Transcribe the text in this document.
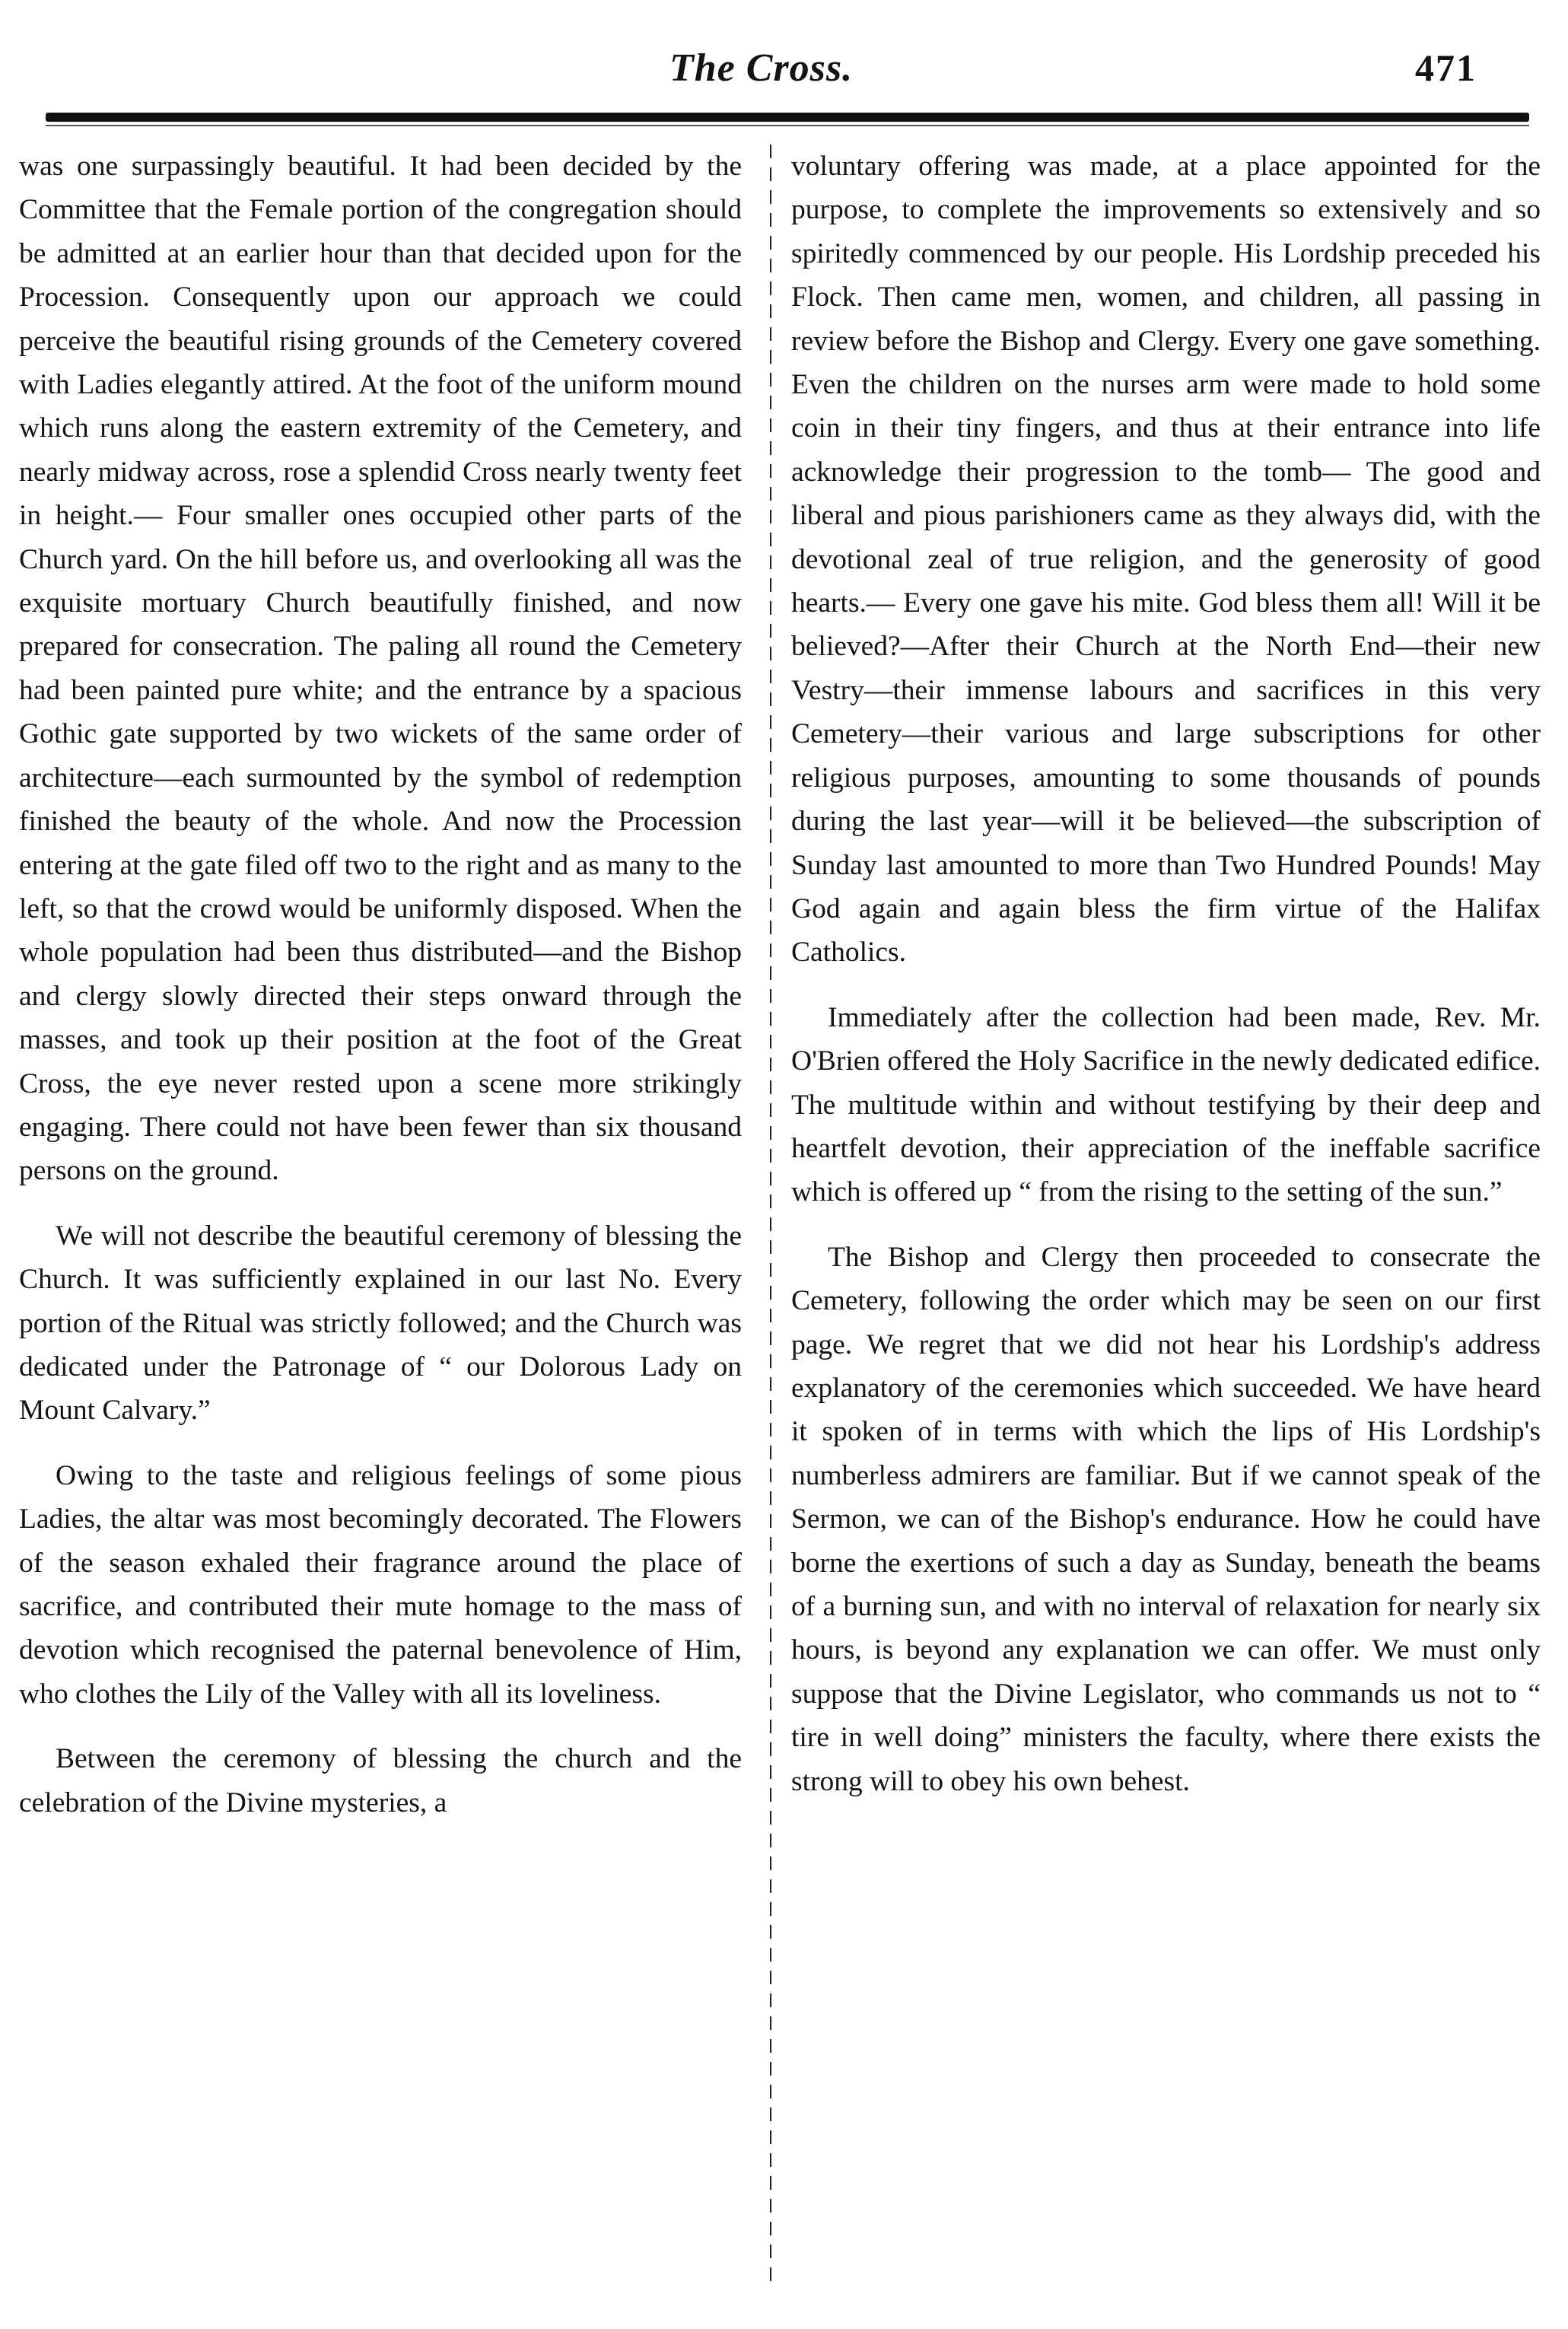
The Cross.	471

was one surpassingly beautiful. It had been decided by the Committee that the Female portion of the congregation should be admitted at an earlier hour than that decided upon for the Procession. Consequently upon our approach we could perceive the beautiful rising grounds of the Cemetery covered with Ladies elegantly attired. At the foot of the uniform mound which runs along the eastern extremity of the Cemetery, and nearly midway across, rose a splendid Cross nearly twenty feet in height.— Four smaller ones occupied other parts of the Church yard. On the hill before us, and overlooking all was the exquisite mortuary Church beautifully finished, and now prepared for consecration. The paling all round the Cemetery had been painted pure white; and the entrance by a spacious Gothic gate supported by two wickets of the same order of architecture—each surmounted by the symbol of redemption finished the beauty of the whole. And now the Procession entering at the gate filed off two to the right and as many to the left, so that the crowd would be uniformly disposed. When the whole population had been thus distributed—and the Bishop and clergy slowly directed their steps onward through the masses, and took up their position at the foot of the Great Cross, the eye never rested upon a scene more strikingly engaging. There could not have been fewer than six thousand persons on the ground.

We will not describe the beautiful ceremony of blessing the Church. It was sufficiently explained in our last No. Every portion of the Ritual was strictly followed; and the Church was dedicated under the Patronage of “ our Dolorous Lady on Mount Calvary.”

Owing to the taste and religious feelings of some pious Ladies, the altar was most becomingly decorated. The Flowers of the season exhaled their fragrance around the place of sacrifice, and contributed their mute homage to the mass of devotion which recognised the paternal benevolence of Him, who clothes the Lily of the Valley with all its loveliness.

Between the ceremony of blessing the church and the celebration of the Divine mysteries, a

voluntary offering was made, at a place appointed for the purpose, to complete the improvements so extensively and so spiritedly commenced by our people. His Lordship preceded his Flock. Then came men, women, and children, all passing in review before the Bishop and Clergy. Every one gave something. Even the children on the nurses arm were made to hold some coin in their tiny fingers, and thus at their entrance into life acknowledge their progression to the tomb— The good and liberal and pious parishioners came as they always did, with the devotional zeal of true religion, and the generosity of good hearts.— Every one gave his mite. God bless them all! Will it be believed?—After their Church at the North End—their new Vestry—their immense labours and sacrifices in this very Cemetery—their various and large subscriptions for other religious purposes, amounting to some thousands of pounds during the last year—will it be believed—the subscription of Sunday last amounted to more than Two Hundred Pounds! May God again and again bless the firm virtue of the Halifax Catholics.

Immediately after the collection had been made, Rev. Mr. O'Brien offered the Holy Sacrifice in the newly dedicated edifice. The multitude within and without testifying by their deep and heartfelt devotion, their appreciation of the ineffable sacrifice which is offered up “ from the rising to the setting of the sun.”

The Bishop and Clergy then proceeded to consecrate the Cemetery, following the order which may be seen on our first page. We regret that we did not hear his Lordship's address explanatory of the ceremonies which succeeded. We have heard it spoken of in terms with which the lips of His Lordship's numberless admirers are familiar. But if we cannot speak of the Sermon, we can of the Bishop's endurance. How he could have borne the exertions of such a day as Sunday, beneath the beams of a burning sun, and with no interval of relaxation for nearly six hours, is beyond any explanation we can offer. We must only suppose that the Divine Legislator, who commands us not to “ tire in well doing” ministers the faculty, where there exists the strong will to obey his own behest.
